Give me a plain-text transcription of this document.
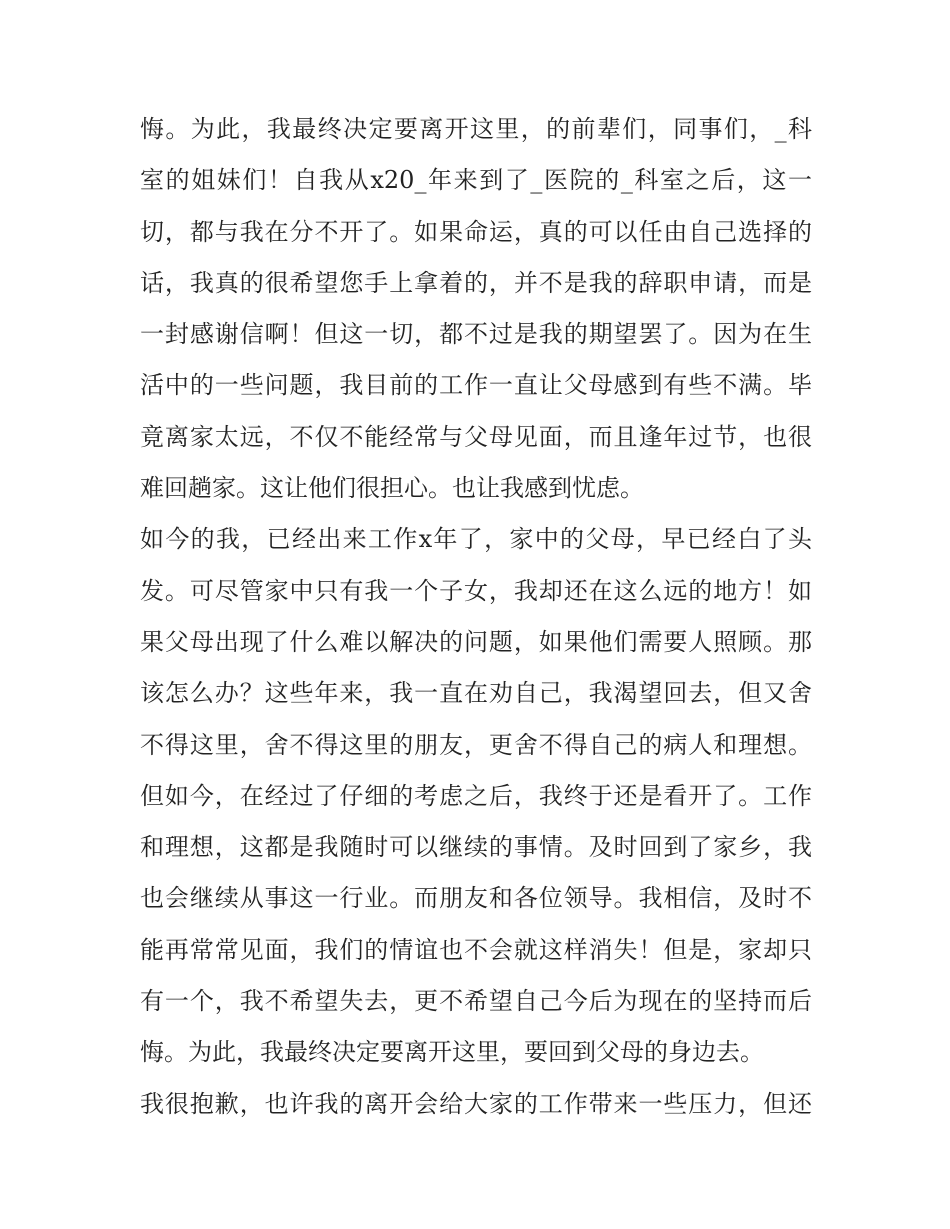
悔。为此，我最终决定要离开这里，的前辈们，同事们，_科
室的姐妹们！自我从x20_年来到了_医院的_科室之后，这一
切，都与我在分不开了。如果命运，真的可以任由自己选择的
话，我真的很希望您手上拿着的，并不是我的辞职申请，而是
一封感谢信啊！但这一切，都不过是我的期望罢了。因为在生
活中的一些问题，我目前的工作一直让父母感到有些不满。毕
竟离家太远，不仅不能经常与父母见面，而且逢年过节，也很
难回趟家。这让他们很担心。也让我感到忧虑。
如今的我，已经出来工作x年了，家中的父母，早已经白了头
发。可尽管家中只有我一个子女，我却还在这么远的地方！如
果父母出现了什么难以解决的问题，如果他们需要人照顾。那
该怎么办？这些年来，我一直在劝自己，我渴望回去，但又舍
不得这里，舍不得这里的朋友，更舍不得自己的病人和理想。
但如今，在经过了仔细的考虑之后，我终于还是看开了。工作
和理想，这都是我随时可以继续的事情。及时回到了家乡，我
也会继续从事这一行业。而朋友和各位领导。我相信，及时不
能再常常见面，我们的情谊也不会就这样消失！但是，家却只
有一个，我不希望失去，更不希望自己今后为现在的坚持而后
悔。为此，我最终决定要离开这里，要回到父母的身边去。
我很抱歉，也许我的离开会给大家的工作带来一些压力，但还
